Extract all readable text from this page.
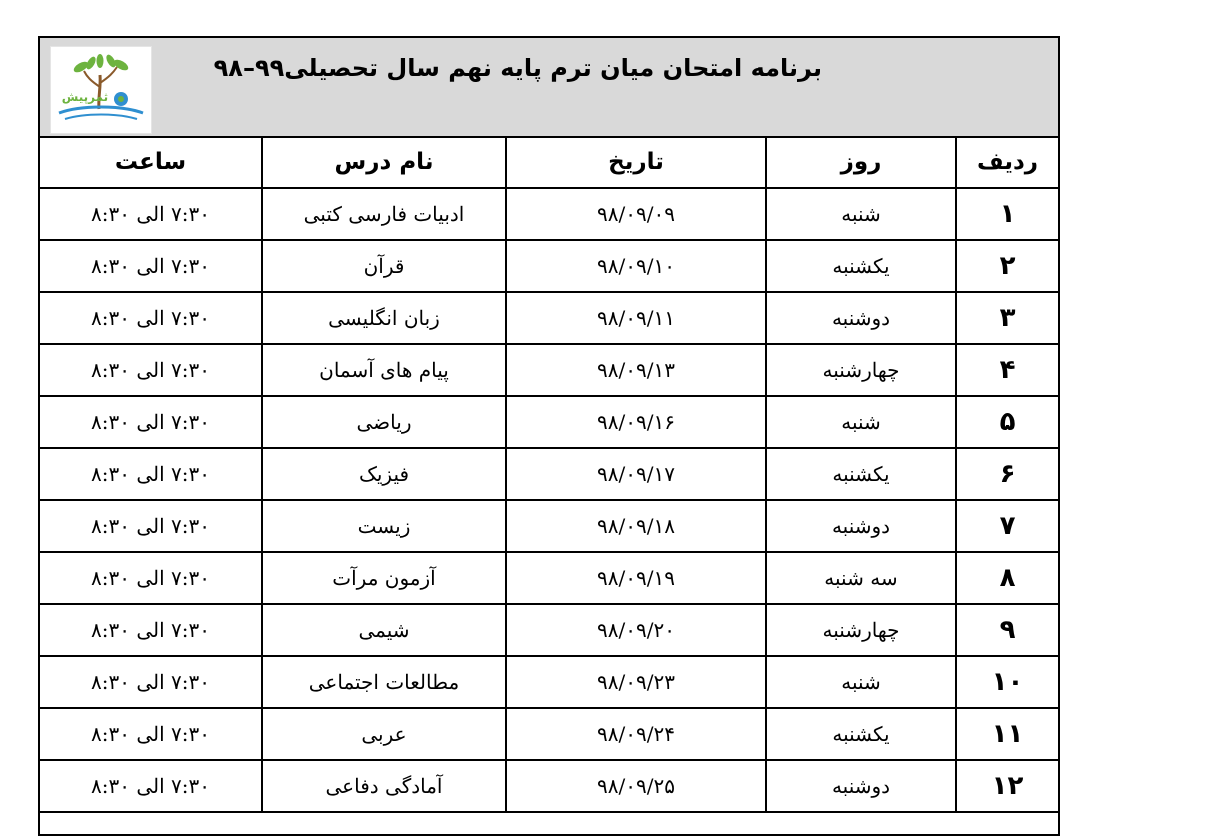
ثمرپیش
برنامه امتحان میان ترم پایه نهم سال تحصیلی۹۹–۹۸
ردیف	روز	تاریخ	نام درس	ساعت
۱	شنبه	۹۸/۰۹/۰۹	ادبیات فارسی کتبی	۷:۳۰ الی ۸:۳۰
۲	یکشنبه	۹۸/۰۹/۱۰	قرآن	۷:۳۰ الی ۸:۳۰
۳	دوشنبه	۹۸/۰۹/۱۱	زبان انگلیسی	۷:۳۰ الی ۸:۳۰
۴	چهارشنبه	۹۸/۰۹/۱۳	پیام های آسمان	۷:۳۰ الی ۸:۳۰
۵	شنبه	۹۸/۰۹/۱۶	ریاضی	۷:۳۰ الی ۸:۳۰
۶	یکشنبه	۹۸/۰۹/۱۷	فیزیک	۷:۳۰ الی ۸:۳۰
۷	دوشنبه	۹۸/۰۹/۱۸	زیست	۷:۳۰ الی ۸:۳۰
۸	سه شنبه	۹۸/۰۹/۱۹	آزمون مرآت	۷:۳۰ الی ۸:۳۰
۹	چهارشنبه	۹۸/۰۹/۲۰	شیمی	۷:۳۰ الی ۸:۳۰
۱۰	شنبه	۹۸/۰۹/۲۳	مطالعات اجتماعی	۷:۳۰ الی ۸:۳۰
۱۱	یکشنبه	۹۸/۰۹/۲۴	عربی	۷:۳۰ الی ۸:۳۰
۱۲	دوشنبه	۹۸/۰۹/۲۵	آمادگی دفاعی	۷:۳۰ الی ۸:۳۰
